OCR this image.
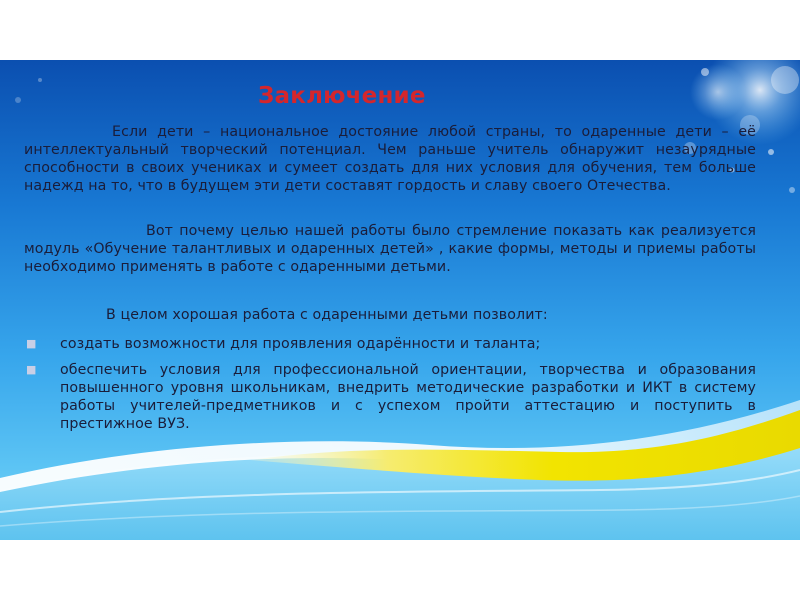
Заключение

Если дети – национальное достояние любой страны, то одаренные дети – её интеллектуальный творческий потенциал. Чем раньше учитель обнаружит незаурядные способности в своих учениках и сумеет создать для них условия для обучения, тем больше надежд на то, что в будущем эти дети составят гордость и славу своего Отечества.

Вот почему целью нашей работы было стремление показать как реализуется модуль «Обучение талантливых и одаренных детей» , какие формы, методы и приемы работы необходимо применять в работе с одаренными детьми.

В целом хорошая работа с одаренными детьми позволит:

■ создать возможности для проявления одарённости и таланта;
■ обеспечить условия для профессиональной ориентации, творчества и образования повышенного уровня школьникам, внедрить методические разработки и ИКТ в систему работы учителей-предметников и с успехом пройти аттестацию и поступить в престижное ВУЗ.
